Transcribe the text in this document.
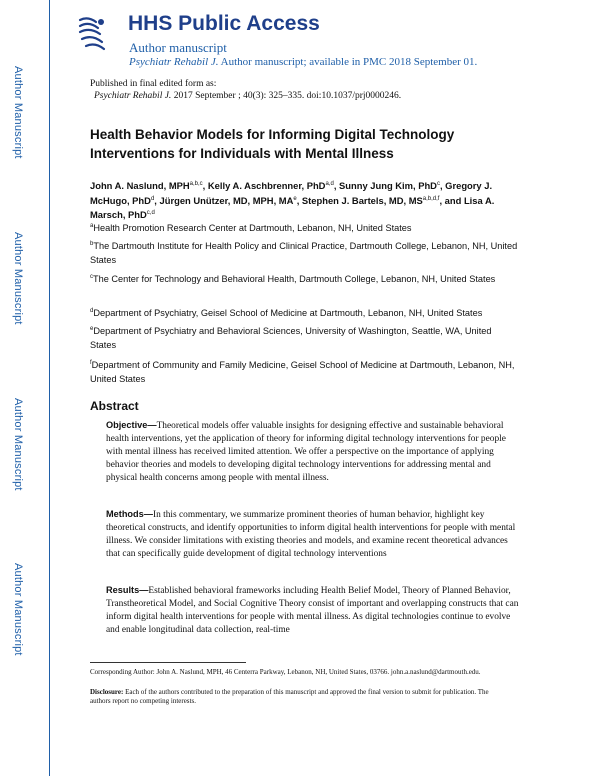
Author Manuscript
Author Manuscript
Author Manuscript
Author Manuscript
HHS Public Access
Author manuscript
Psychiatr Rehabil J. Author manuscript; available in PMC 2018 September 01.
Published in final edited form as:
Psychiatr Rehabil J. 2017 September ; 40(3): 325–335. doi:10.1037/prj0000246.
Health Behavior Models for Informing Digital Technology Interventions for Individuals with Mental Illness
John A. Naslund, MPH$^{a,b,c}$, Kelly A. Aschbrenner, PhD$^{a,d}$, Sunny Jung Kim, PhD$^c$, Gregory J. McHugo, PhD$^d$, Jürgen Unützer, MD, MPH, $MA^e$, Stephen J. Bartels, MD, MS$^{a,b,d,f}$, and Lisa A. Marsch, PhD$^{c,d}$
$^a$Health Promotion Research Center at Dartmouth, Lebanon, NH, United States
$^b$The Dartmouth Institute for Health Policy and Clinical Practice, Dartmouth College, Lebanon, NH, United States
$^c$The Center for Technology and Behavioral Health, Dartmouth College, Lebanon, NH, United States
$^d$Department of Psychiatry, Geisel School of Medicine at Dartmouth, Lebanon, NH, United States
$^e$Department of Psychiatry and Behavioral Sciences, University of Washington, Seattle, WA, United States
$^f$Department of Community and Family Medicine, Geisel School of Medicine at Dartmouth, Lebanon, NH, United States
Abstract
Objective—Theoretical models offer valuable insights for designing effective and sustainable behavioral health interventions, yet the application of theory for informing digital technology interventions for people with mental illness has received limited attention. We offer a perspective on the importance of applying behavior theories and models to developing digital technology interventions for addressing mental and physical health concerns among people with mental illness.
Methods—In this commentary, we summarize prominent theories of human behavior, highlight key theoretical constructs, and identify opportunities to inform digital health interventions for people with mental illness. We consider limitations with existing theories and models, and examine recent theoretical advances that can specifically guide development of digital technology interventions
Results—Established behavioral frameworks including Health Belief Model, Theory of Planned Behavior, Transtheoretical Model, and Social Cognitive Theory consist of important and overlapping constructs that can inform digital health interventions for people with mental illness. As digital technologies continue to evolve and enable longitudinal data collection, real-time
Corresponding Author: John A. Naslund, MPH, 46 Centerra Parkway, Lebanon, NH, United States, 03766. john.a.naslund@dartmouth.edu.
Disclosure: Each of the authors contributed to the preparation of this manuscript and approved the final version to submit for publication. The authors report no competing interests.
